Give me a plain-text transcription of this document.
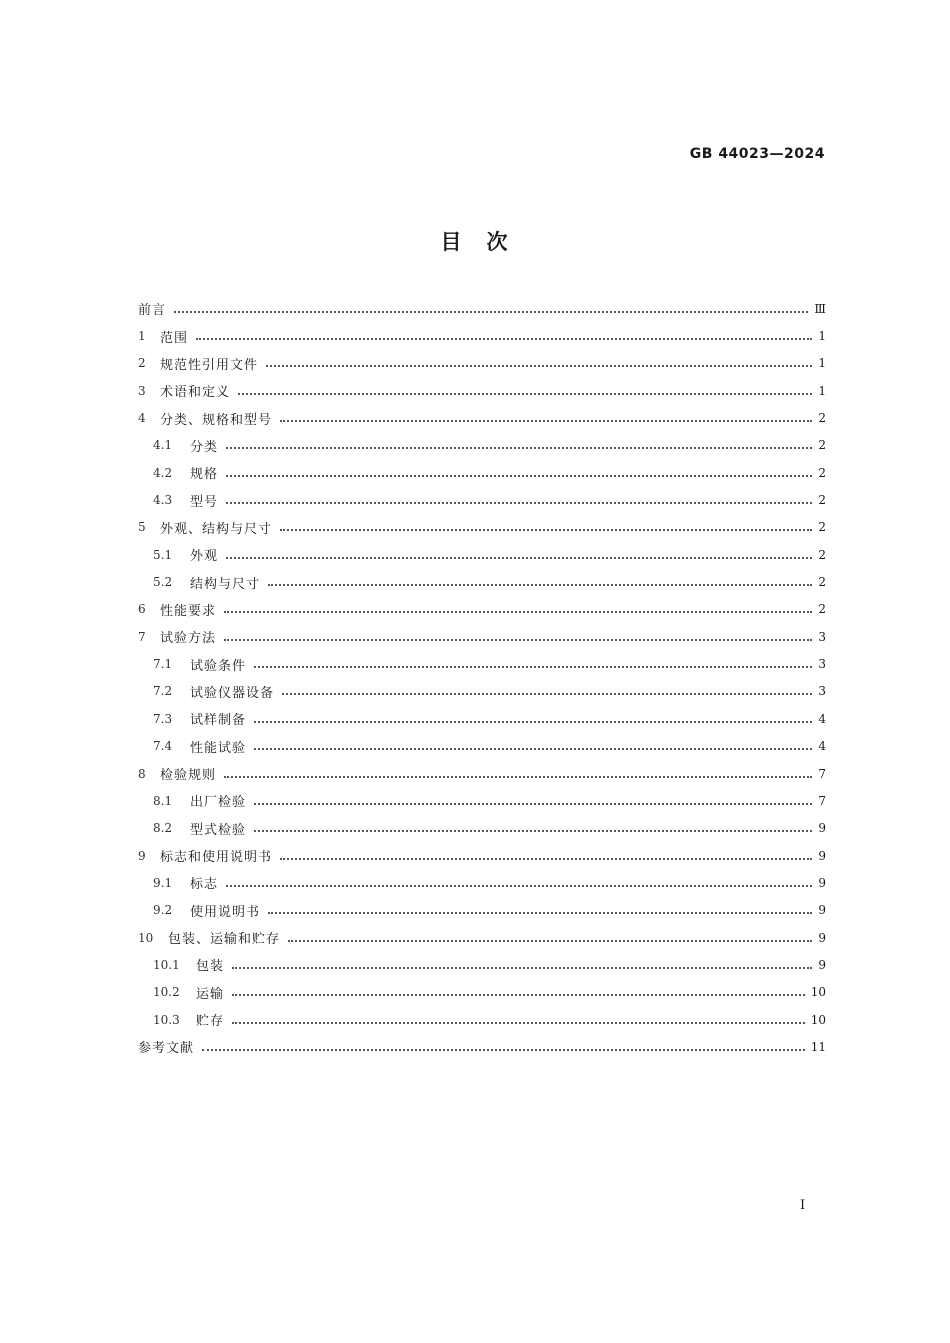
GB 44023—2024
目　次
前言	Ⅲ
1	范围	1
2	规范性引用文件	1
3	术语和定义	1
4	分类、规格和型号	2
4.1	分类	2
4.2	规格	2
4.3	型号	2
5	外观、结构与尺寸	2
5.1	外观	2
5.2	结构与尺寸	2
6	性能要求	2
7	试验方法	3
7.1	试验条件	3
7.2	试验仪器设备	3
7.3	试样制备	4
7.4	性能试验	4
8	检验规则	7
8.1	出厂检验	7
8.2	型式检验	9
9	标志和使用说明书	9
9.1	标志	9
9.2	使用说明书	9
10	包装、运输和贮存	9
10.1	包装	9
10.2	运输	10
10.3	贮存	10
参考文献	11
I
